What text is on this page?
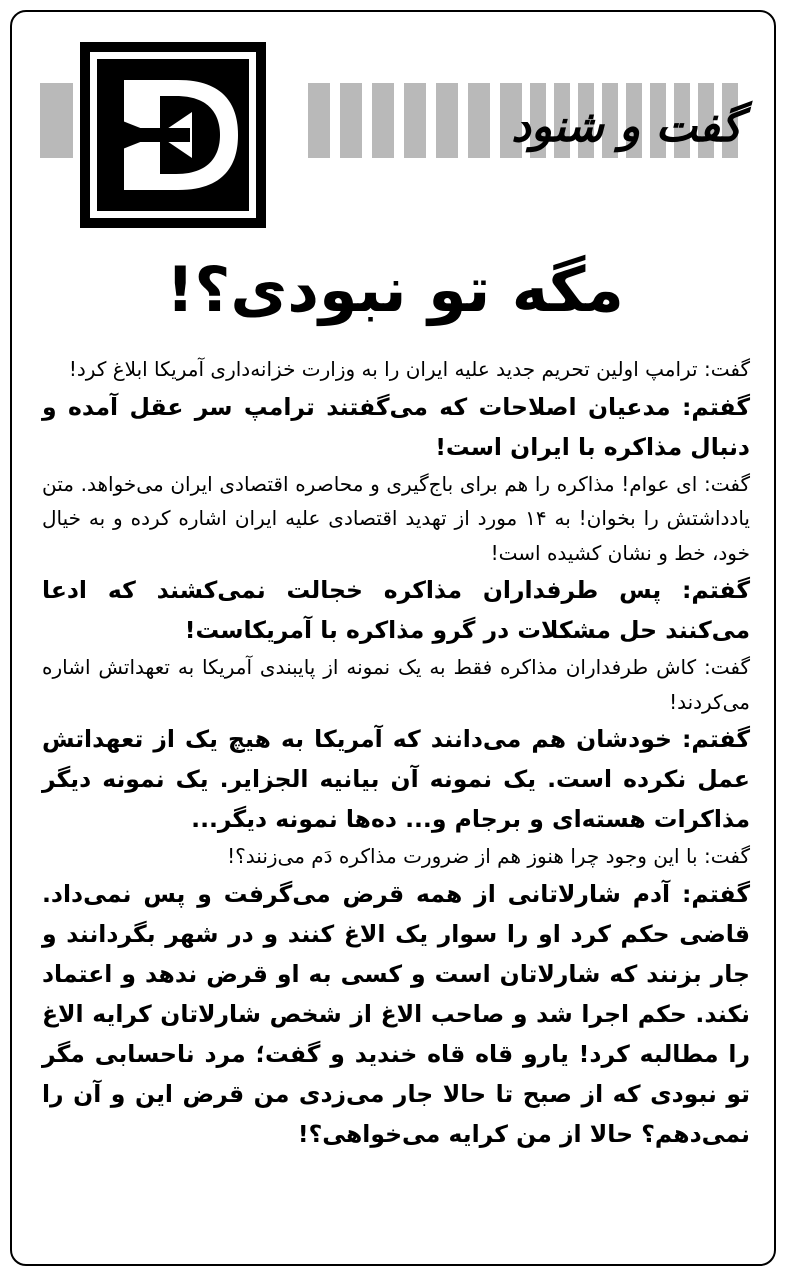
گفت و شنود
مگه تو نبودی؟!

گفت: ترامپ اولین تحریم جدید علیه ایران را به وزارت خزانه‌داری آمریکا ابلاغ کرد!

گفتم: مدعیان اصلاحات که می‌گفتند ترامپ سر عقل آمده و دنبال مذاکره با ایران است!

گفت: ای عوام! مذاکره را هم برای باج‌گیری و محاصره اقتصادی ایران می‌خواهد. متن یادداشتش را بخوان! به ۱۴ مورد از تهدید اقتصادی علیه ایران اشاره کرده و به خیال خود، خط و نشان کشیده است!

گفتم: پس طرفداران مذاکره خجالت نمی‌کشند که ادعا می‌کنند حل مشکلات در گرو مذاکره با آمریکاست!

گفت: کاش طرفداران مذاکره فقط به یک نمونه از پایبندی آمریکا به تعهداتش اشاره می‌کردند!

گفتم: خودشان هم می‌دانند که آمریکا به هیچ یک از تعهداتش عمل نکرده است. یک نمونه آن بیانیه الجزایر. یک نمونه دیگر مذاکرات هسته‌ای و برجام و... ده‌ها نمونه دیگر...

گفت: با این وجود چرا هنوز هم از ضرورت مذاکره دَم می‌زنند؟!

گفتم: آدم شارلاتانی از همه قرض می‌گرفت و پس نمی‌داد. قاضی حکم کرد او را سوار یک الاغ کنند و در شهر بگردانند و جار بزنند که شارلاتان است و کسی به او قرض ندهد و اعتماد نکند. حکم اجرا شد و صاحب الاغ از شخص شارلاتان کرایه الاغ را مطالبه کرد! یارو قاه قاه خندید و گفت؛ مرد ناحسابی مگر تو نبودی که از صبح تا حالا جار می‌زدی من قرض این و آن را نمی‌دهم؟ حالا از من کرایه می‌خواهی؟!
